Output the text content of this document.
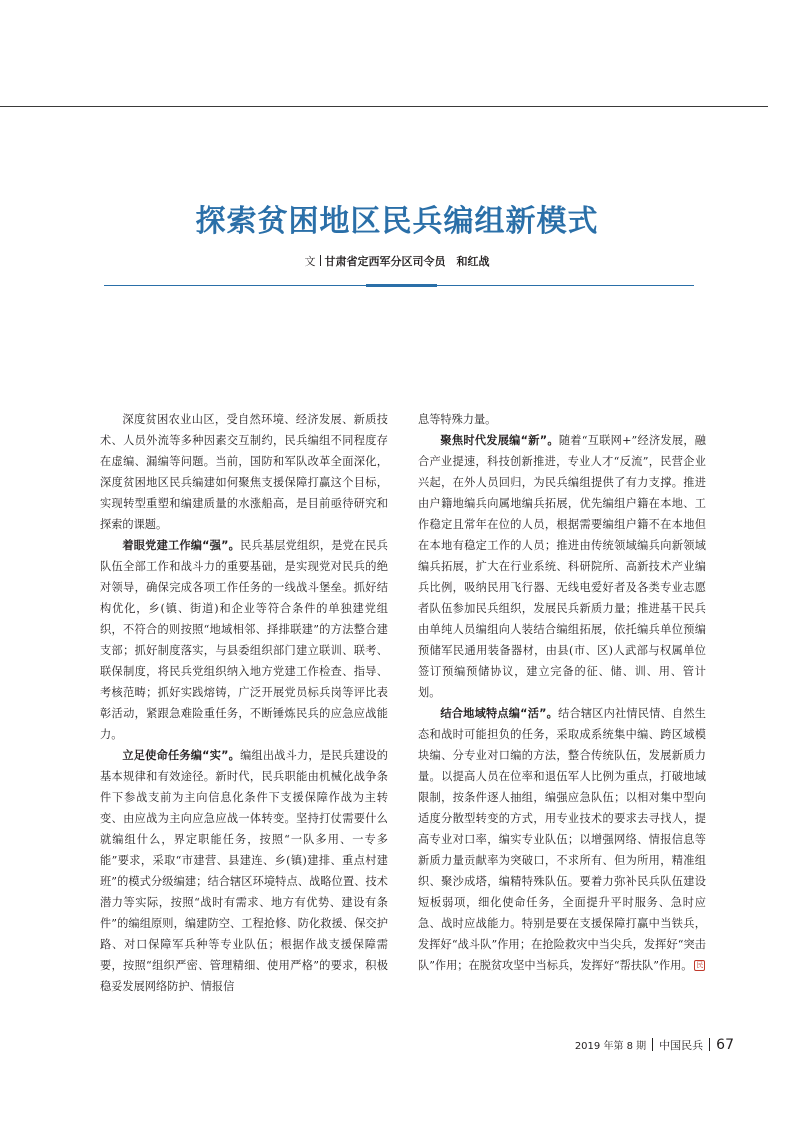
探索贫困地区民兵编组新模式
文 甘肃省定西军分区司令员　和红战

深度贫困农业山区，受自然环境、经济发展、新质技术、人员外流等多种因素交互制约，民兵编组不同程度存在虚编、漏编等问题。当前，国防和军队改革全面深化，深度贫困地区民兵编建如何聚焦支援保障打赢这个目标，实现转型重塑和编建质量的水涨船高，是目前亟待研究和探索的课题。

着眼党建工作编“强”。民兵基层党组织，是党在民兵队伍全部工作和战斗力的重要基础，是实现党对民兵的绝对领导，确保完成各项工作任务的一线战斗堡垒。抓好结构优化，乡(镇、街道)和企业等符合条件的单独建党组织，不符合的则按照“地域相邻、择排联建”的方法整合建支部；抓好制度落实，与县委组织部门建立联训、联考、联保制度，将民兵党组织纳入地方党建工作检查、指导、考核范畴；抓好实践熔铸，广泛开展党员标兵岗等评比表彰活动，紧跟急难险重任务，不断锤炼民兵的应急应战能力。

立足使命任务编“实”。编组出战斗力，是民兵建设的基本规律和有效途径。新时代，民兵职能由机械化战争条件下参战支前为主向信息化条件下支援保障作战为主转变、由应战为主向应急应战一体转变。坚持打仗需要什么就编组什么，界定职能任务，按照“一队多用、一专多能”要求，采取“市建营、县建连、乡(镇)建排、重点村建班”的模式分级编建；结合辖区环境特点、战略位置、技术潜力等实际，按照“战时有需求、地方有优势、建设有条件”的编组原则，编建防空、工程抢修、防化救援、保交护路、对口保障军兵种等专业队伍；根据作战支援保障需要，按照“组织严密、管理精细、使用严格”的要求，积极稳妥发展网络防护、情报信

息等特殊力量。

聚焦时代发展编“新”。随着“互联网+”经济发展，融合产业提速，科技创新推进，专业人才“反流”，民营企业兴起，在外人员回归，为民兵编组提供了有力支撑。推进由户籍地编兵向属地编兵拓展，优先编组户籍在本地、工作稳定且常年在位的人员，根据需要编组户籍不在本地但在本地有稳定工作的人员；推进由传统领域编兵向新领域编兵拓展，扩大在行业系统、科研院所、高新技术产业编兵比例，吸纳民用飞行器、无线电爱好者及各类专业志愿者队伍参加民兵组织，发展民兵新质力量；推进基干民兵由单纯人员编组向人装结合编组拓展，依托编兵单位预编预储军民通用装备器材，由县(市、区)人武部与权属单位签订预编预储协议，建立完备的征、储、训、用、管计划。

结合地域特点编“活”。结合辖区内社情民情、自然生态和战时可能担负的任务，采取成系统集中编、跨区域模块编、分专业对口编的方法，整合传统队伍，发展新质力量。以提高人员在位率和退伍军人比例为重点，打破地域限制，按条件逐人抽组，编强应急队伍；以相对集中型向适度分散型转变的方式，用专业技术的要求去寻找人，提高专业对口率，编实专业队伍；以增强网络、情报信息等新质力量贡献率为突破口，不求所有、但为所用，精准组织、聚沙成塔，编精特殊队伍。要着力弥补民兵队伍建设短板弱项，细化使命任务，全面提升平时服务、急时应急、战时应战能力。特别是要在支援保障打赢中当铁兵，发挥好“战斗队”作用；在抢险救灾中当尖兵，发挥好“突击队”作用；在脱贫攻坚中当标兵，发挥好“帮扶队”作用。 民

2019 年第 8 期 中国民兵 67
